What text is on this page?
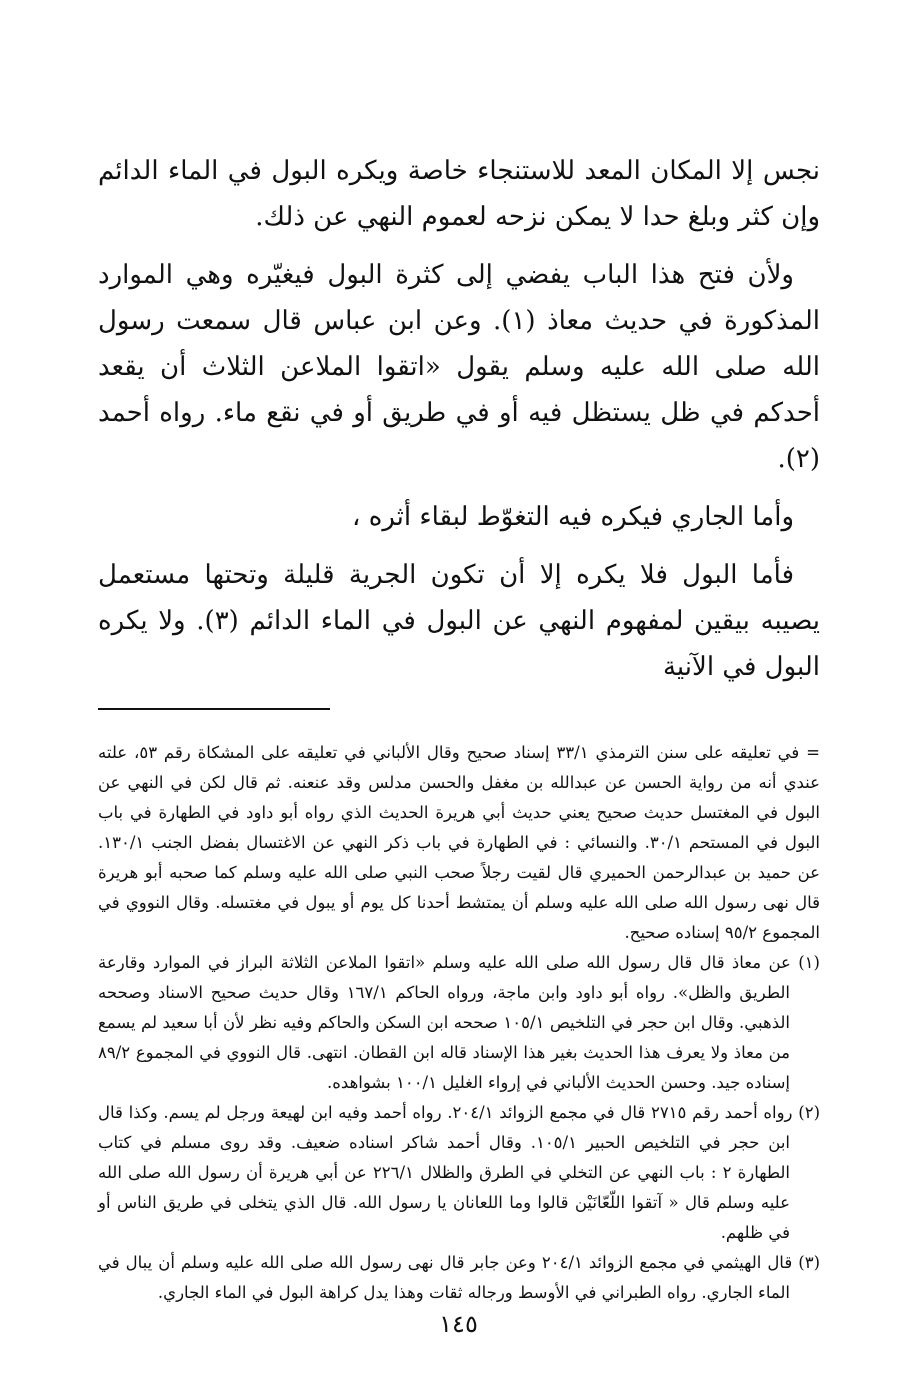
نجس إلا المكان المعد للاستنجاء خاصة ويكره البول في الماء الدائم وإن كثر وبلغ حدا لا يمكن نزحه لعموم النهي عن ذلك.

ولأن فتح هذا الباب يفضي إلى كثرة البول فيغيّره وهي الموارد المذكورة في حديث معاذ (١). وعن ابن عباس قال سمعت رسول الله صلى الله عليه وسلم يقول «اتقوا الملاعن الثلاث أن يقعد أحدكم في ظل يستظل فيه أو في طريق أو في نقع ماء. رواه أحمد (٢).

وأما الجاري فيكره فيه التغوّط لبقاء أثره ،

فأما البول فلا يكره إلا أن تكون الجرية قليلة وتحتها مستعمل يصيبه بيقين لمفهوم النهي عن البول في الماء الدائم (٣). ولا يكره البول في الآنية

= في تعليقه على سنن الترمذي ٣٣/١ إسناد صحيح وقال الألباني في تعليقه على المشكاة رقم ٥٣، علته عندي أنه من رواية الحسن عن عبدالله بن مغفل والحسن مدلس وقد عنعنه. ثم قال لكن في النهي عن البول في المغتسل حديث صحيح يعني حديث أبي هريرة الحديث الذي رواه أبو داود في الطهارة في باب البول في المستحم ٣٠/١. والنسائي : في الطهارة في باب ذكر النهي عن الاغتسال بفضل الجنب ١٣٠/١. عن حميد بن عبدالرحمن الحميري قال لقيت رجلاً صحب النبي صلى الله عليه وسلم كما صحبه أبو هريرة قال نهى رسول الله صلى الله عليه وسلم أن يمتشط أحدنا كل يوم أو يبول في مغتسله. وقال النووي في المجموع ٩٥/٢ إسناده صحيح.

(١) عن معاذ قال قال رسول الله صلى الله عليه وسلم «اتقوا الملاعن الثلاثة البراز في الموارد وقارعة الطريق والظل». رواه أبو داود وابن ماجة، ورواه الحاكم ١٦٧/١ وقال حديث صحيح الاسناد وصححه الذهبي. وقال ابن حجر في التلخيص ١٠٥/١ صححه ابن السكن والحاكم وفيه نظر لأن أبا سعيد لم يسمع من معاذ ولا يعرف هذا الحديث بغير هذا الإسناد قاله ابن القطان. انتهى. قال النووي في المجموع ٨٩/٢ إسناده جيد. وحسن الحديث الألباني في إرواء الغليل ١٠٠/١ بشواهده.

(٢) رواه أحمد رقم ٢٧١٥ قال في مجمع الزوائد ٢٠٤/١. رواه أحمد وفيه ابن لهيعة ورجل لم يسم. وكذا قال ابن حجر في التلخيص الحبير ١٠٥/١. وقال أحمد شاكر اسناده ضعيف. وقد روى مسلم في كتاب الطهارة ٢ : باب النهي عن التخلي في الطرق والظلال ٢٢٦/١ عن أبي هريرة أن رسول الله صلى الله عليه وسلم قال « آتقوا اللّعّانَيْن قالوا وما اللعانان يا رسول الله. قال الذي يتخلى في طريق الناس أو في ظلهم.

(٣) قال الهيثمي في مجمع الزوائد ٢٠٤/١ وعن جابر قال نهى رسول الله صلى الله عليه وسلم أن يبال في الماء الجاري. رواه الطبراني في الأوسط ورجاله ثقات وهذا يدل كراهة البول في الماء الجاري.

١٤٥
